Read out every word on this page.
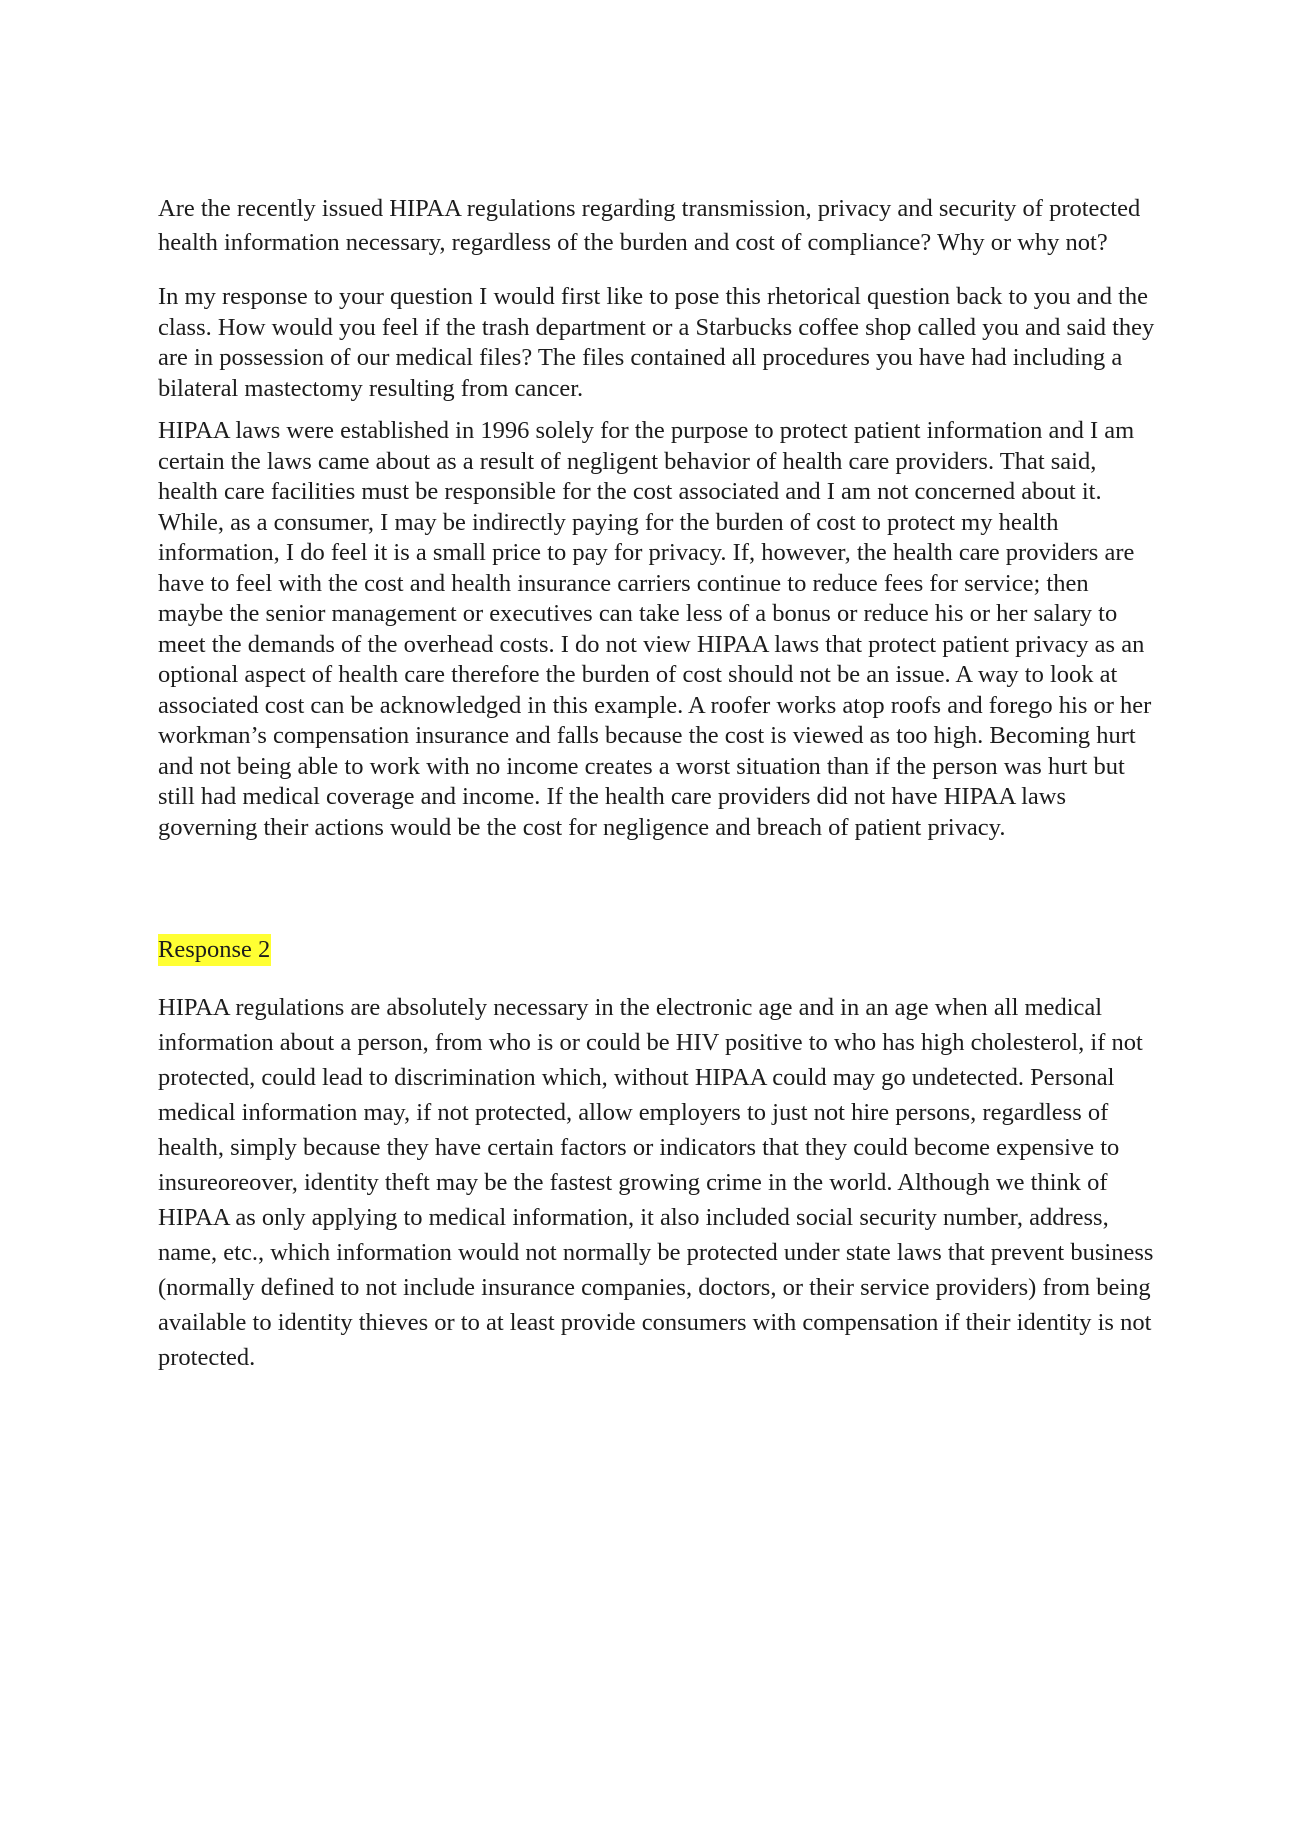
Are the recently issued HIPAA regulations regarding transmission, privacy and security of protected health information necessary, regardless of the burden and cost of compliance? Why or why not?

In my response to your question I would first like to pose this rhetorical question back to you and the class. How would you feel if the trash department or a Starbucks coffee shop called you and said they are in possession of our medical files? The files contained all procedures you have had including a bilateral mastectomy resulting from cancer.

HIPAA laws were established in 1996 solely for the purpose to protect patient information and I am certain the laws came about as a result of negligent behavior of health care providers. That said, health care facilities must be responsible for the cost associated and I am not concerned about it. While, as a consumer, I may be indirectly paying for the burden of cost to protect my health information, I do feel it is a small price to pay for privacy. If, however, the health care providers are have to feel with the cost and health insurance carriers continue to reduce fees for service; then maybe the senior management or executives can take less of a bonus or reduce his or her salary to meet the demands of the overhead costs. I do not view HIPAA laws that protect patient privacy as an optional aspect of health care therefore the burden of cost should not be an issue. A way to look at associated cost can be acknowledged in this example. A roofer works atop roofs and forego his or her workman’s compensation insurance and falls because the cost is viewed as too high. Becoming hurt and not being able to work with no income creates a worst situation than if the person was hurt but still had medical coverage and income. If the health care providers did not have HIPAA laws governing their actions would be the cost for negligence and breach of patient privacy.

Response 2

HIPAA regulations are absolutely necessary in the electronic age and in an age when all medical information about a person, from who is or could be HIV positive to who has high cholesterol, if not protected, could lead to discrimination which, without HIPAA could may go undetected. Personal medical information may, if not protected, allow employers to just not hire persons, regardless of health, simply because they have certain factors or indicators that they could become expensive to insureoreover, identity theft may be the fastest growing crime in the world. Although we think of HIPAA as only applying to medical information, it also included social security number, address, name, etc., which information would not normally be protected under state laws that prevent business (normally defined to not include insurance companies, doctors, or their service providers) from being available to identity thieves or to at least provide consumers with compensation if their identity is not protected.
